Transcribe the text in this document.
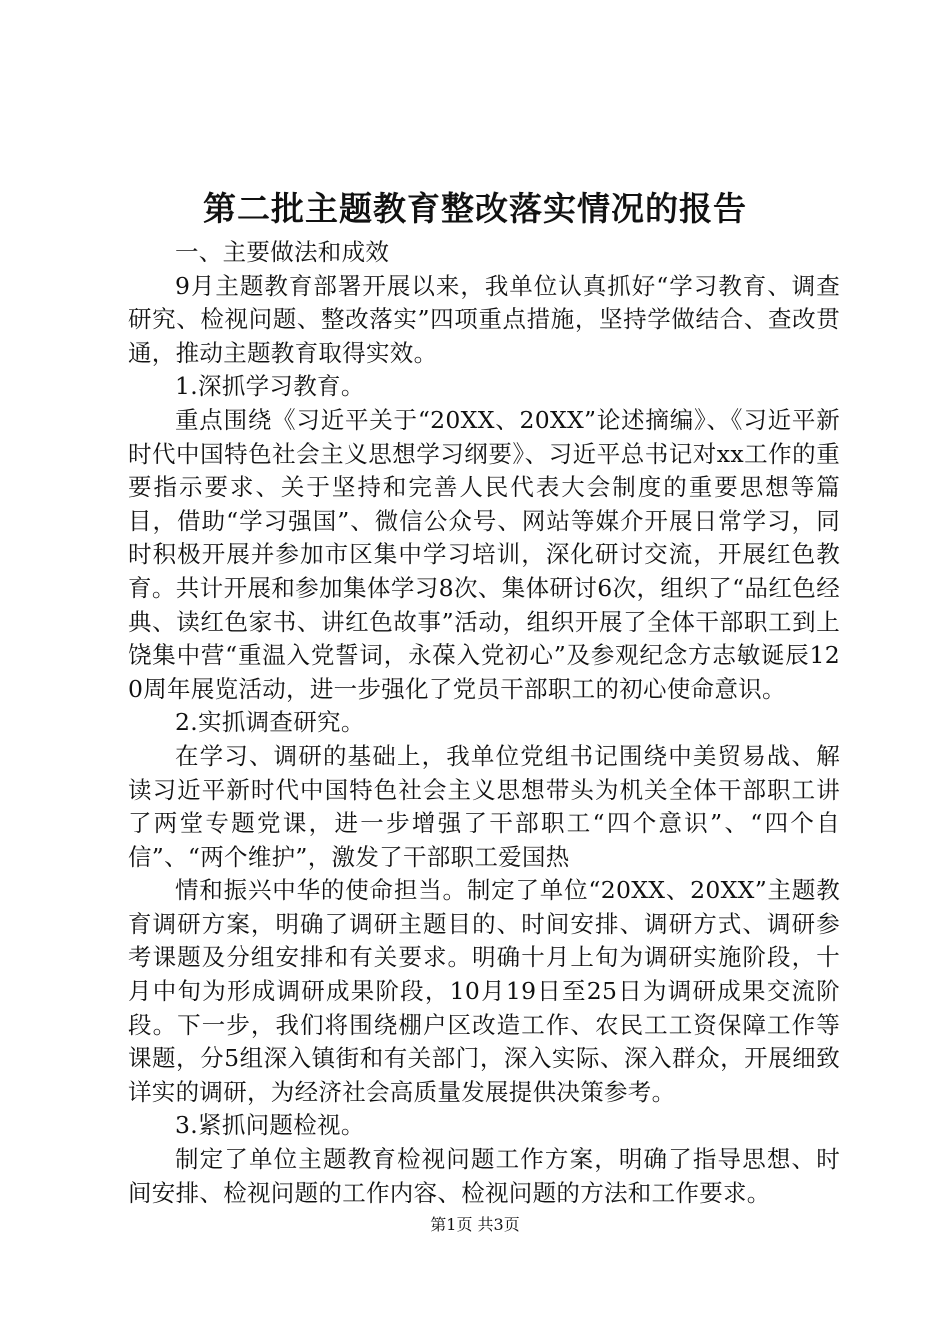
第二批主题教育整改落实情况的报告

一、主要做法和成效

9月主题教育部署开展以来，我单位认真抓好“学习教育、调查研究、检视问题、整改落实”四项重点措施，坚持学做结合、查改贯通，推动主题教育取得实效。

1.深抓学习教育。

重点围绕《习近平关于“20XX、20XX”论述摘编》、《习近平新时代中国特色社会主义思想学习纲要》、习近平总书记对xx工作的重要指示要求、关于坚持和完善人民代表大会制度的重要思想等篇目，借助“学习强国”、微信公众号、网站等媒介开展日常学习，同时积极开展并参加市区集中学习培训，深化研讨交流，开展红色教育。共计开展和参加集体学习8次、集体研讨6次，组织了“品红色经典、读红色家书、讲红色故事”活动，组织开展了全体干部职工到上饶集中营“重温入党誓词，永葆入党初心”及参观纪念方志敏诞辰120周年展览活动，进一步强化了党员干部职工的初心使命意识。

2.实抓调查研究。

在学习、调研的基础上，我单位党组书记围绕中美贸易战、解读习近平新时代中国特色社会主义思想带头为机关全体干部职工讲了两堂专题党课，进一步增强了干部职工“四个意识”、“四个自信”、“两个维护”，激发了干部职工爱国热

情和振兴中华的使命担当。制定了单位“20XX、20XX”主题教育调研方案，明确了调研主题目的、时间安排、调研方式、调研参考课题及分组安排和有关要求。明确十月上旬为调研实施阶段，十月中旬为形成调研成果阶段，10月19日至25日为调研成果交流阶段。下一步，我们将围绕棚户区改造工作、农民工工资保障工作等课题，分5组深入镇街和有关部门，深入实际、深入群众，开展细致详实的调研，为经济社会高质量发展提供决策参考。

3.紧抓问题检视。

制定了单位主题教育检视问题工作方案，明确了指导思想、时间安排、检视问题的工作内容、检视问题的方法和工作要求。

第1页 共3页
